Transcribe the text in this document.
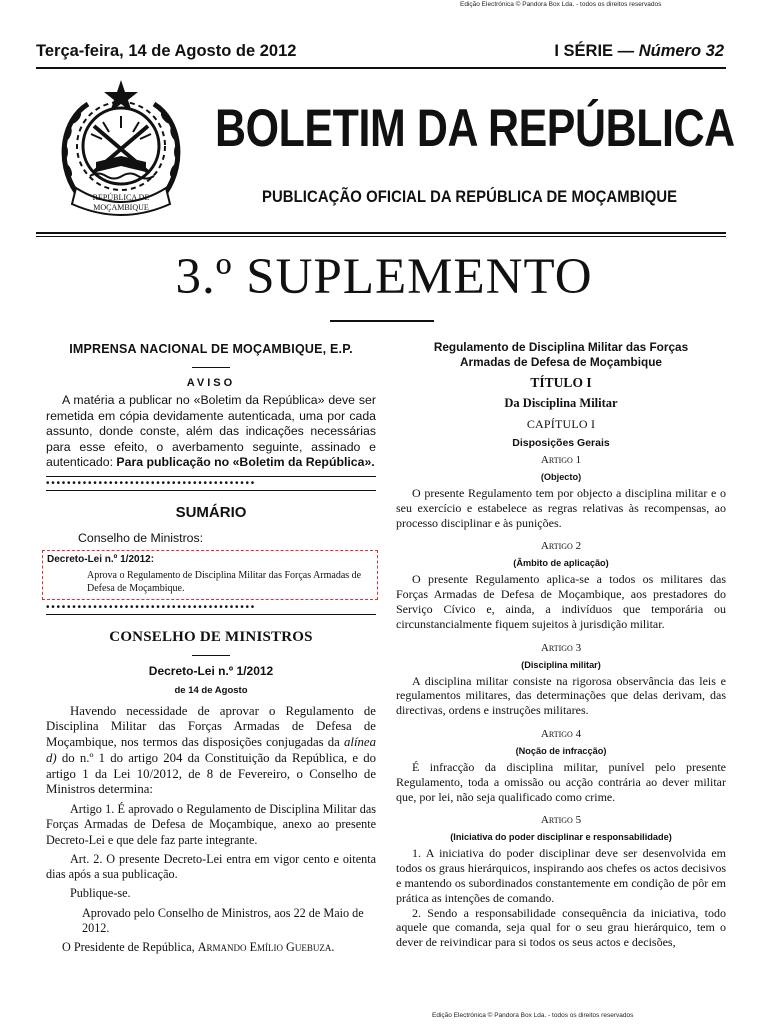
Edição Electrónica © Pandora Box Lda. - todos os direitos reservados
Terça-feira, 14 de Agosto de 2012	I SÉRIE — Número 32
REPÚBLICA DE
MOÇAMBIQUE
BOLETIM DA REPÚBLICA
PUBLICAÇÃO OFICIAL DA REPÚBLICA DE MOÇAMBIQUE
3.º SUPLEMENTO
IMPRENSA NACIONAL DE MOÇAMBIQUE, E.P.
AVISO

A matéria a publicar no «Boletim da República» deve ser remetida em cópia devidamente autenticada, uma por cada assunto, donde conste, além das indicações necessárias para esse efeito, o averbamento seguinte, assinado e autenticado: Para publicação no «Boletim da República».

••••••••••••••••••••••••••••••••••••••••
SUMÁRIO
Conselho de Ministros:
Decreto-Lei n.º 1/2012:
Aprova o Regulamento de Disciplina Militar das Forças Armadas de Defesa de Moçambique.
••••••••••••••••••••••••••••••••••••••••
CONSELHO DE MINISTROS
Decreto-Lei n.º 1/2012
de 14 de Agosto

Havendo necessidade de aprovar o Regulamento de Disciplina Militar das Forças Armadas de Defesa de Moçambique, nos termos das disposições conjugadas da alínea d) do n.º 1 do artigo 204 da Constituição da República, e do artigo 1 da Lei 10/2012, de 8 de Fevereiro, o Conselho de Ministros determina:

Artigo 1. É aprovado o Regulamento de Disciplina Militar das Forças Armadas de Defesa de Moçambique, anexo ao presente Decreto-Lei e que dele faz parte integrante.

Art. 2. O presente Decreto-Lei entra em vigor cento e oitenta dias após a sua publicação.

Publique-se.

Aprovado pelo Conselho de Ministros, aos 22 de Maio de 2012.

O Presidente de República, Armando Emílio Guebuza.

Regulamento de Disciplina Militar das Forças Armadas de Defesa de Moçambique
TÍTULO I
Da Disciplina Militar
CAPÍTULO I
Disposições Gerais
Artigo 1
(Objecto)

O presente Regulamento tem por objecto a disciplina militar e o seu exercício e estabelece as regras relativas às recompensas, ao processo disciplinar e às punições.

Artigo 2
(Âmbito de aplicação)

O presente Regulamento aplica-se a todos os militares das Forças Armadas de Defesa de Moçambique, aos prestadores do Serviço Cívico e, ainda, a indivíduos que temporária ou circunstancialmente fiquem sujeitos à jurisdição militar.

Artigo 3
(Disciplina militar)

A disciplina militar consiste na rigorosa observância das leis e regulamentos militares, das determinações que delas derivam, das directivas, ordens e instruções militares.

Artigo 4
(Noção de infracção)

É infracção da disciplina militar, punível pelo presente Regulamento, toda a omissão ou acção contrária ao dever militar que, por lei, não seja qualificado como crime.

Artigo 5
(Iniciativa do poder disciplinar e responsabilidade)

1. A iniciativa do poder disciplinar deve ser desenvolvida em todos os graus hierárquicos, inspirando aos chefes os actos decisivos e mantendo os subordinados constantemente em condição de pôr em prática as intenções de comando.

2. Sendo a responsabilidade consequência da iniciativa, todo aquele que comanda, seja qual for o seu grau hierárquico, tem o dever de reivindicar para si todos os seus actos e decisões,

Edição Electrónica © Pandora Box Lda. - todos os direitos reservados
